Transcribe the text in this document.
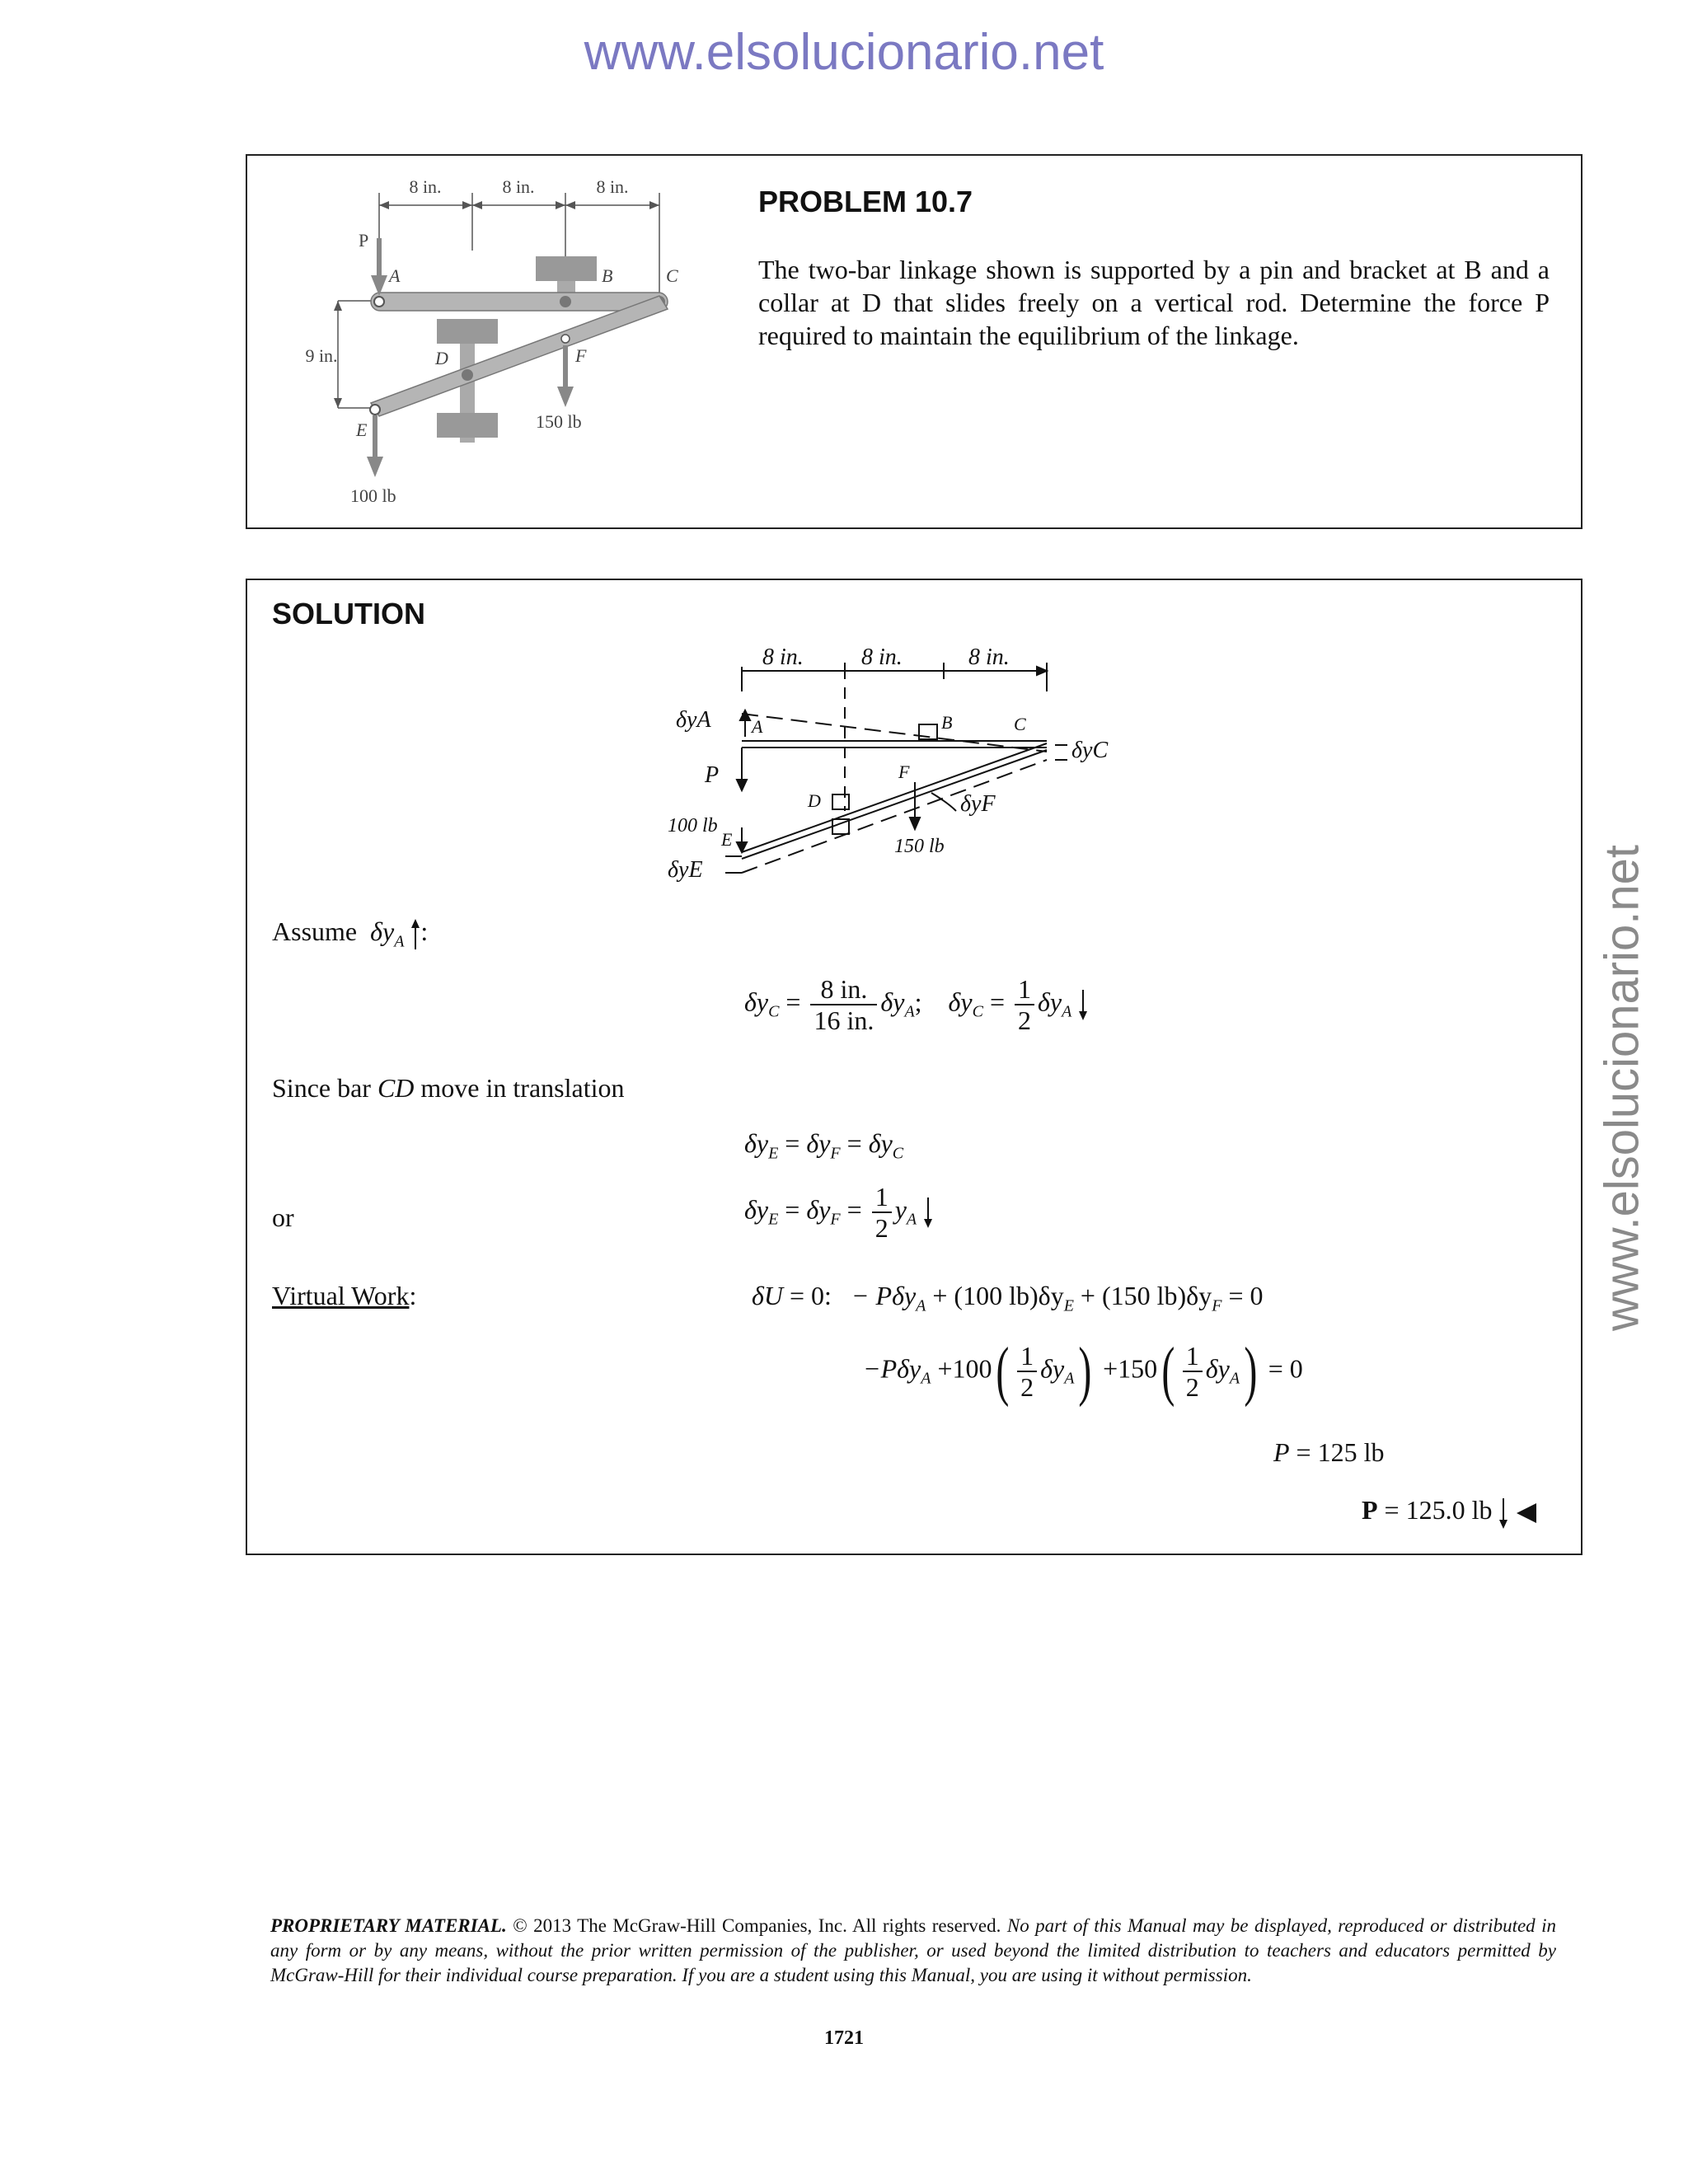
www.elsolucionario.net
www.elsolucionario.net
8 in.	8 in.	8 in.
9 in.
P
A	B	C
D	F
E	150 lb
100 lb
PROBLEM 10.7
The two-bar linkage shown is supported by a pin and bracket at B and a collar at D that slides freely on a vertical rod. Determine the force P required to maintain the equilibrium of the linkage.
SOLUTION
8 in.	8 in.	8 in.
δyA A	B	C
δyC
P	F
D	δyF
100 lb
E
δyE
150 lb
Assume $\delta y_A$ :
$\delta y_C = \frac{8 in.}{16 in.} \delta y_A$; $\delta y_C = \frac{1}{2} \delta y_A$
Since bar CD move in translation
$\delta y_E = \delta y_F = \delta y_C$
or	$\delta y_E = \delta y_F = \frac{1}{2} y_A$
Virtual Work:	δU = 0: − Pδy$_A$ + (100 $lb)\delta y_E + (150$ $lb)\delta y_F = 0$
$-P\delta y_A +100( \frac{1}{2} \delta y_A) +150( \frac{1}{2} \delta y_A) = 0$
P = 125 lb
P = 125.0 lb
PROPRIETARY MATERIAL. © 2013 The McGraw-Hill Companies, Inc. All rights reserved. No part of this Manual may be displayed, reproduced or distributed in any form or by any means, without the prior written permission of the publisher, or used beyond the limited distribution to teachers and educators permitted by McGraw-Hill for their individual course preparation. If you are a student using this Manual, you are using it without permission.
1721
